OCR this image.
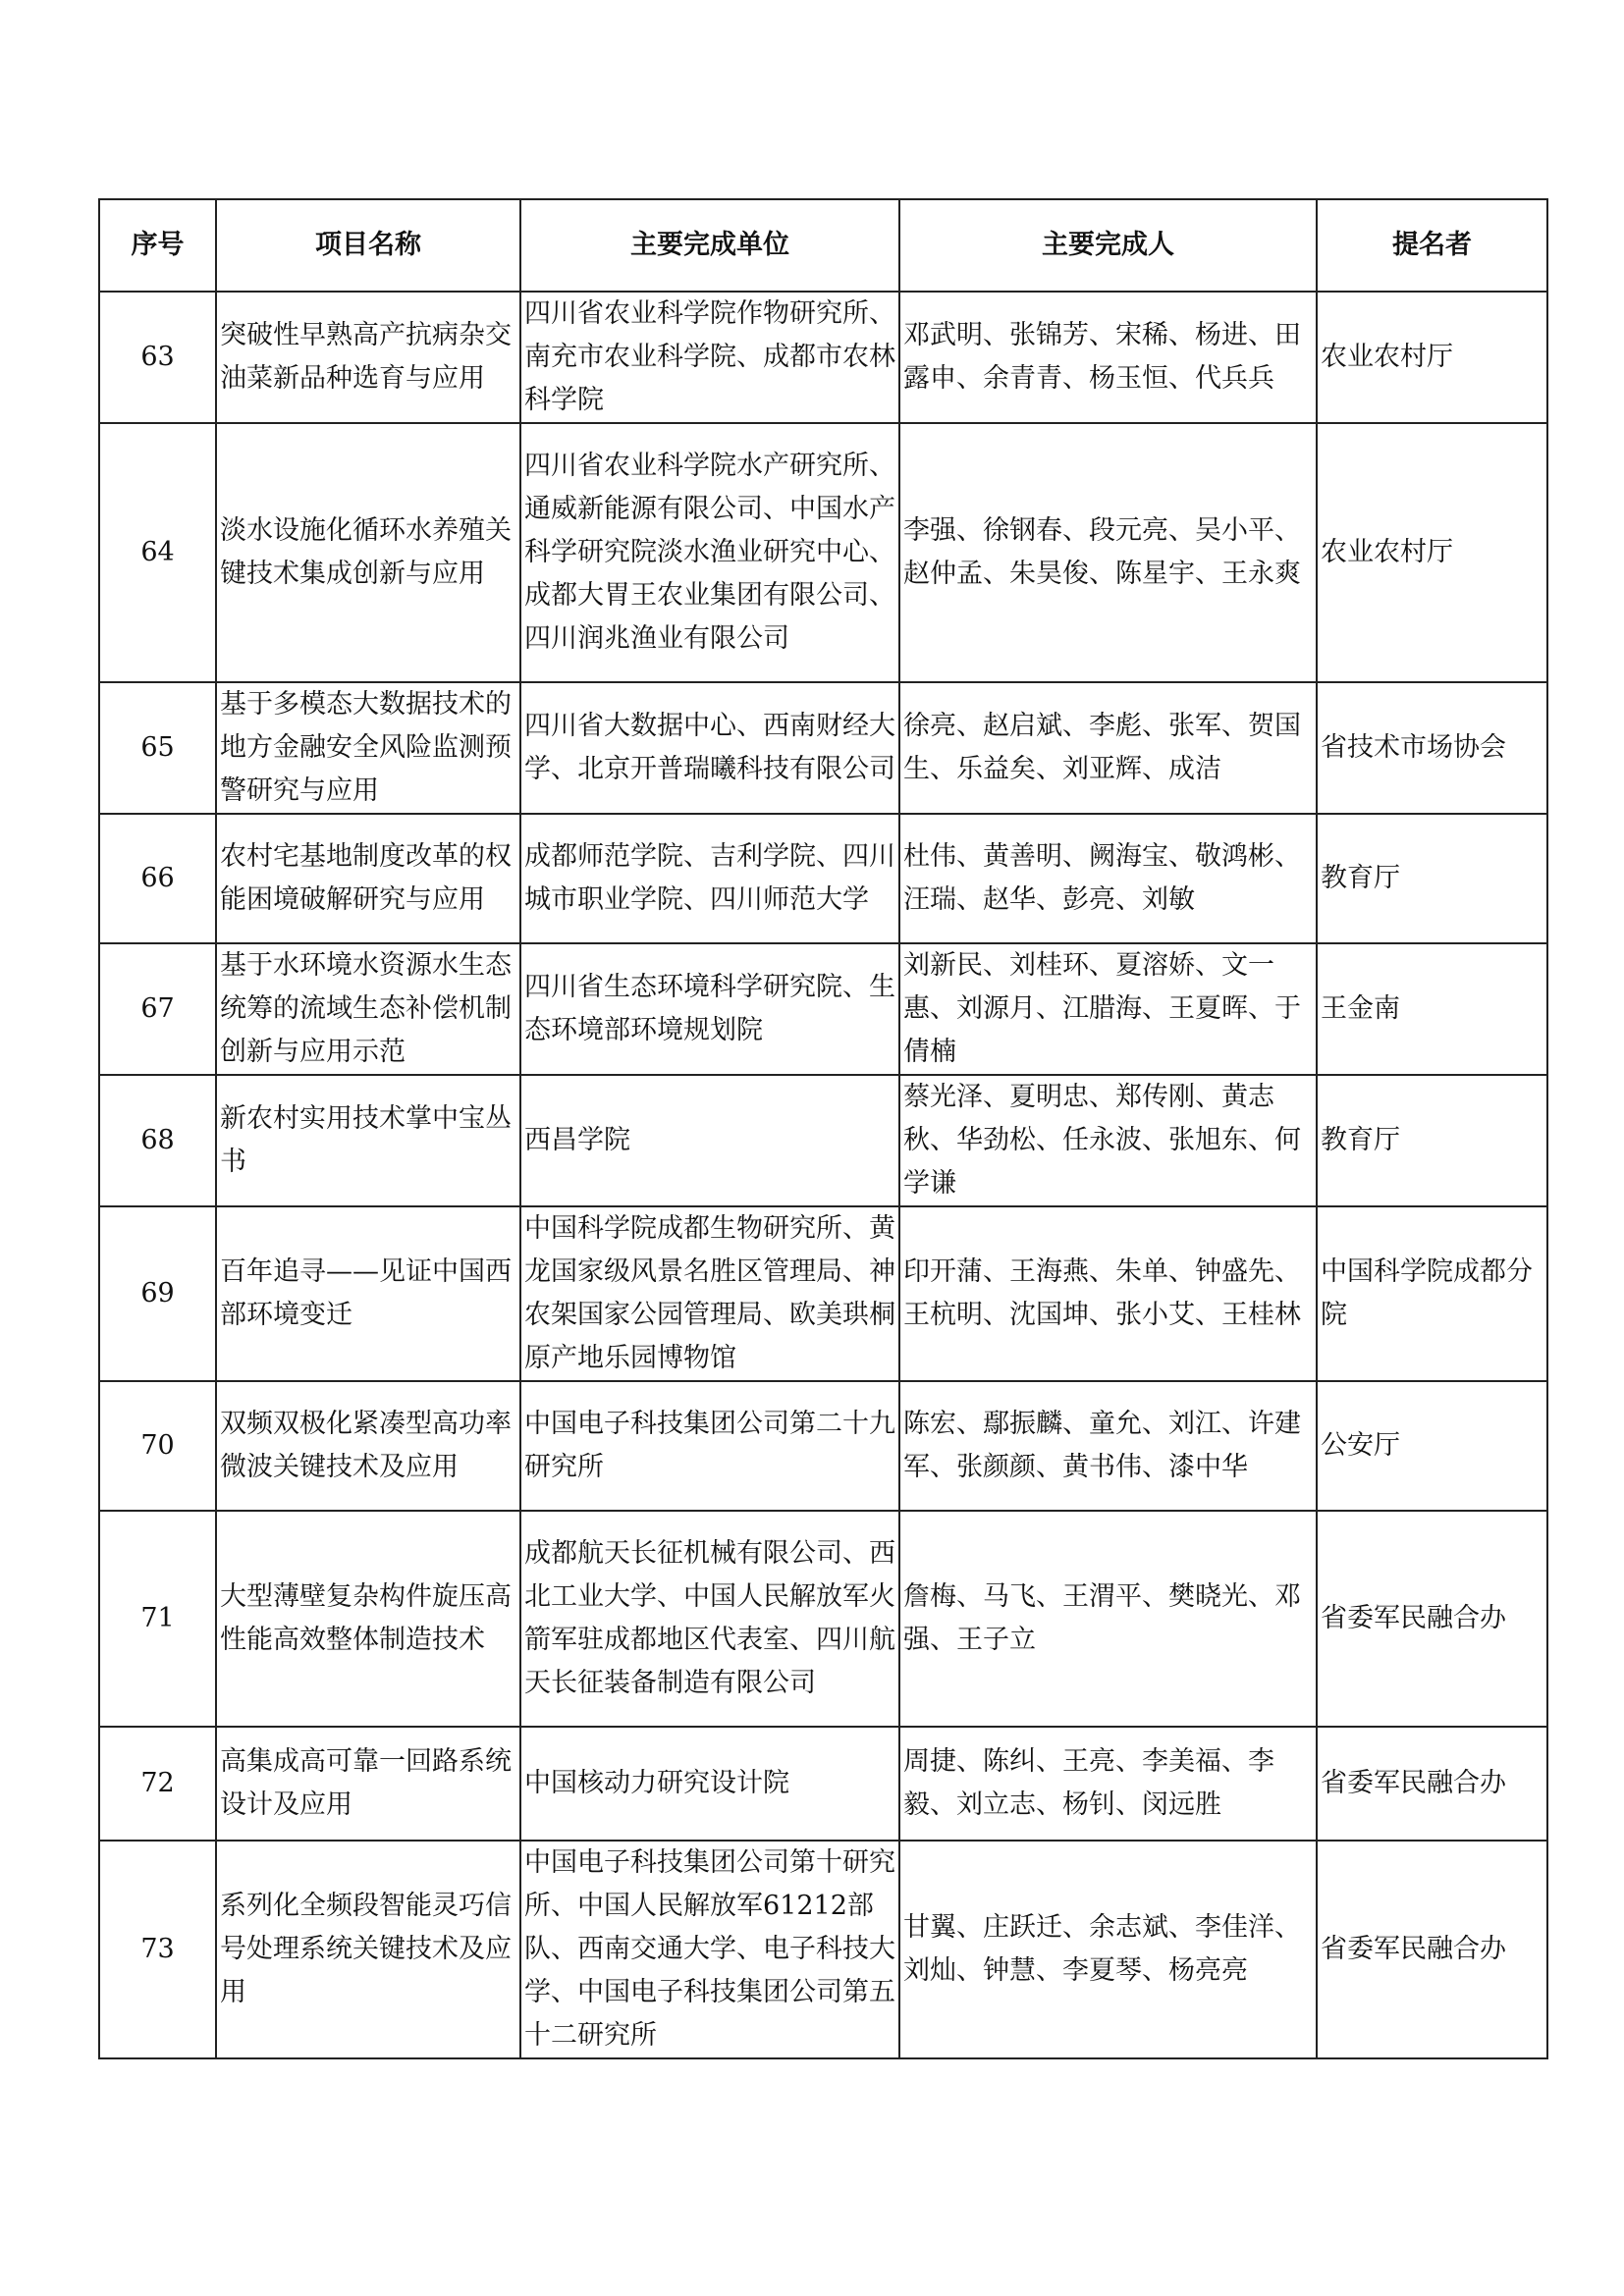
序号	项目名称	主要完成单位	主要完成人	提名者
63	突破性早熟高产抗病杂交油菜新品种选育与应用	四川省农业科学院作物研究所、南充市农业科学院、成都市农林科学院	邓武明、张锦芳、宋稀、杨进、田露申、余青青、杨玉恒、代兵兵	农业农村厅
64	淡水设施化循环水养殖关键技术集成创新与应用	四川省农业科学院水产研究所、通威新能源有限公司、中国水产科学研究院淡水渔业研究中心、成都大胃王农业集团有限公司、四川润兆渔业有限公司	李强、徐钢春、段元亮、吴小平、赵仲孟、朱昊俊、陈星宇、王永爽	农业农村厅
65	基于多模态大数据技术的地方金融安全风险监测预警研究与应用	四川省大数据中心、西南财经大学、北京开普瑞曦科技有限公司	徐亮、赵启斌、李彪、张军、贺国生、乐益矣、刘亚辉、成洁	省技术市场协会
66	农村宅基地制度改革的权能困境破解研究与应用	成都师范学院、吉利学院、四川城市职业学院、四川师范大学	杜伟、黄善明、阙海宝、敬鸿彬、汪瑞、赵华、彭亮、刘敏	教育厅
67	基于水环境水资源水生态统筹的流域生态补偿机制创新与应用示范	四川省生态环境科学研究院、生态环境部环境规划院	刘新民、刘桂环、夏溶娇、文一惠、刘源月、江腊海、王夏晖、于倩楠	王金南
68	新农村实用技术掌中宝丛书	西昌学院	蔡光泽、夏明忠、郑传刚、黄志秋、华劲松、任永波、张旭东、何学谦	教育厅
69	百年追寻——见证中国西部环境变迁	中国科学院成都生物研究所、黄龙国家级风景名胜区管理局、神农架国家公园管理局、欧美珙桐原产地乐园博物馆	印开蒲、王海燕、朱单、钟盛先、王杭明、沈国坤、张小艾、王桂林	中国科学院成都分院
70	双频双极化紧凑型高功率微波关键技术及应用	中国电子科技集团公司第二十九研究所	陈宏、鄢振麟、童允、刘江、许建军、张颜颜、黄书伟、漆中华	公安厅
71	大型薄壁复杂构件旋压高性能高效整体制造技术	成都航天长征机械有限公司、西北工业大学、中国人民解放军火箭军驻成都地区代表室、四川航天长征装备制造有限公司	詹梅、马飞、王渭平、樊晓光、邓强、王子立	省委军民融合办
72	高集成高可靠一回路系统设计及应用	中国核动力研究设计院	周捷、陈纠、王亮、李美福、李毅、刘立志、杨钊、闵远胜	省委军民融合办
73	系列化全频段智能灵巧信号处理系统关键技术及应用	中国电子科技集团公司第十研究所、中国人民解放军61212部队、西南交通大学、电子科技大学、中国电子科技集团公司第五十二研究所	甘翼、庄跃迁、余志斌、李佳洋、刘灿、钟慧、李夏琴、杨亮亮	省委军民融合办
